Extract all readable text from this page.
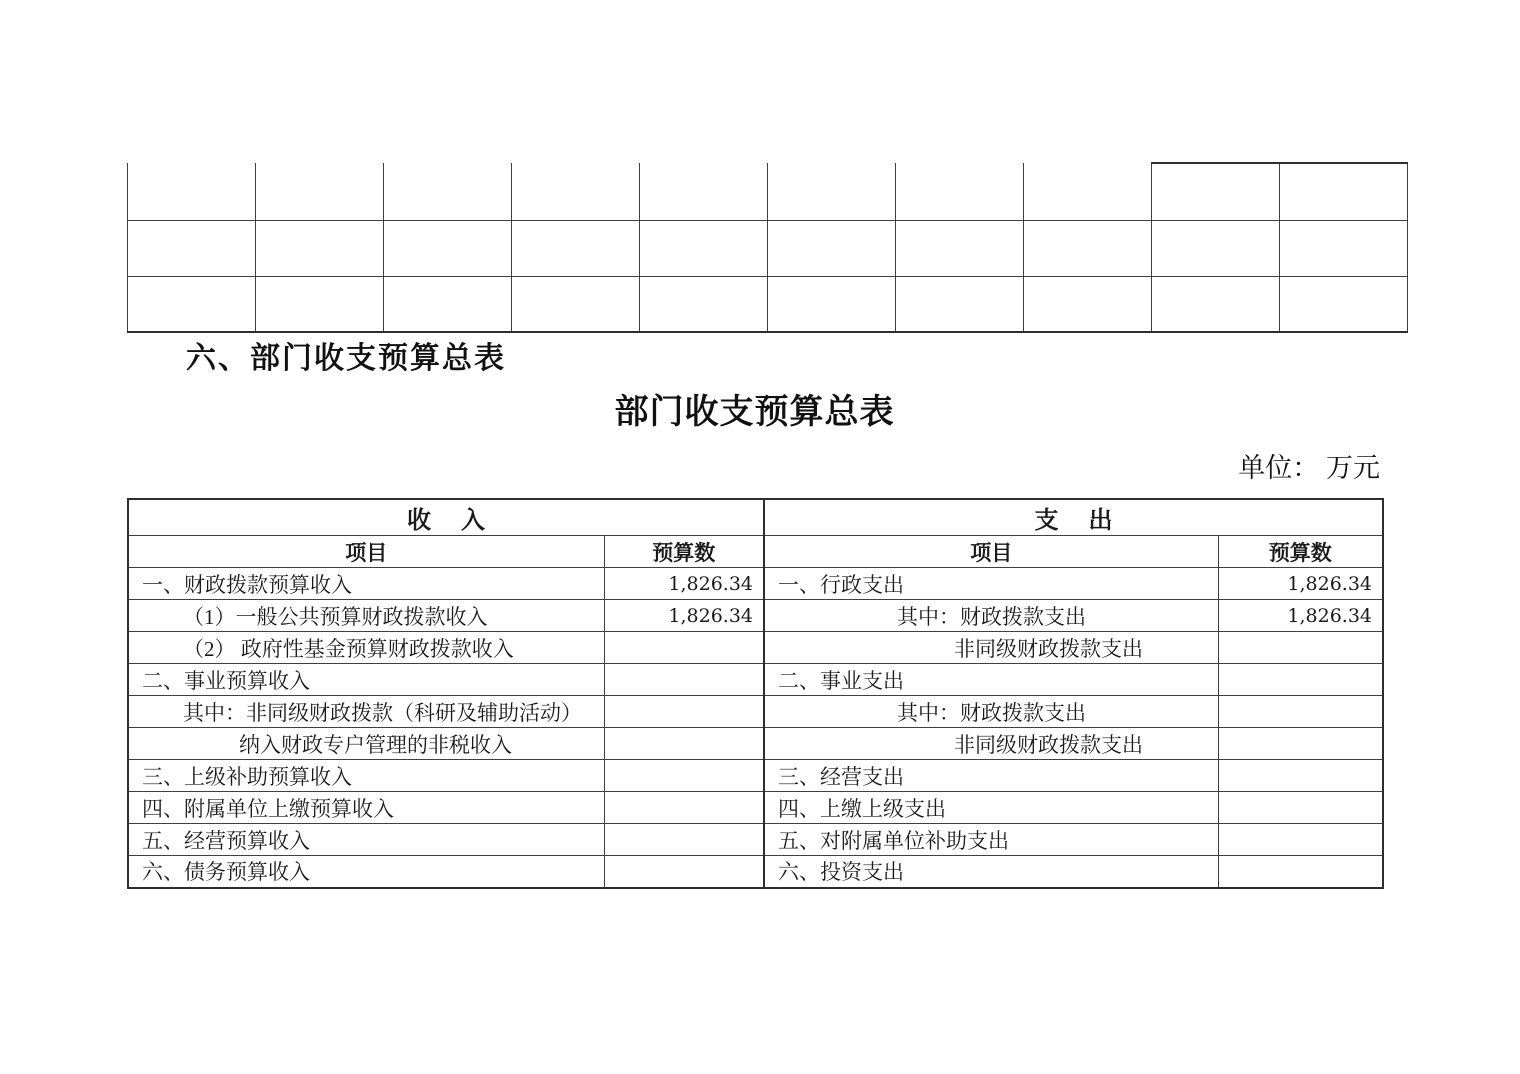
六、部门收支预算总表
部门收支预算总表
单位： 万元
收　 入		支　 出	
项目	预算数	项目	预算数
一、财政拨款预算收入	1,826.34	一、行政支出	1,826.34
（1）一般公共预算财政拨款收入	1,826.34	其中：财政拨款支出	1,826.34
（2） 政府性基金预算财政拨款收入		非同级财政拨款支出	
二、事业预算收入		二、事业支出	
其中：非同级财政拨款（科研及辅助活动）		其中：财政拨款支出	
纳入财政专户管理的非税收入		非同级财政拨款支出	
三、上级补助预算收入		三、经营支出	
四、附属单位上缴预算收入		四、上缴上级支出	
五、经营预算收入		五、对附属单位补助支出	
六、债务预算收入		六、投资支出	
